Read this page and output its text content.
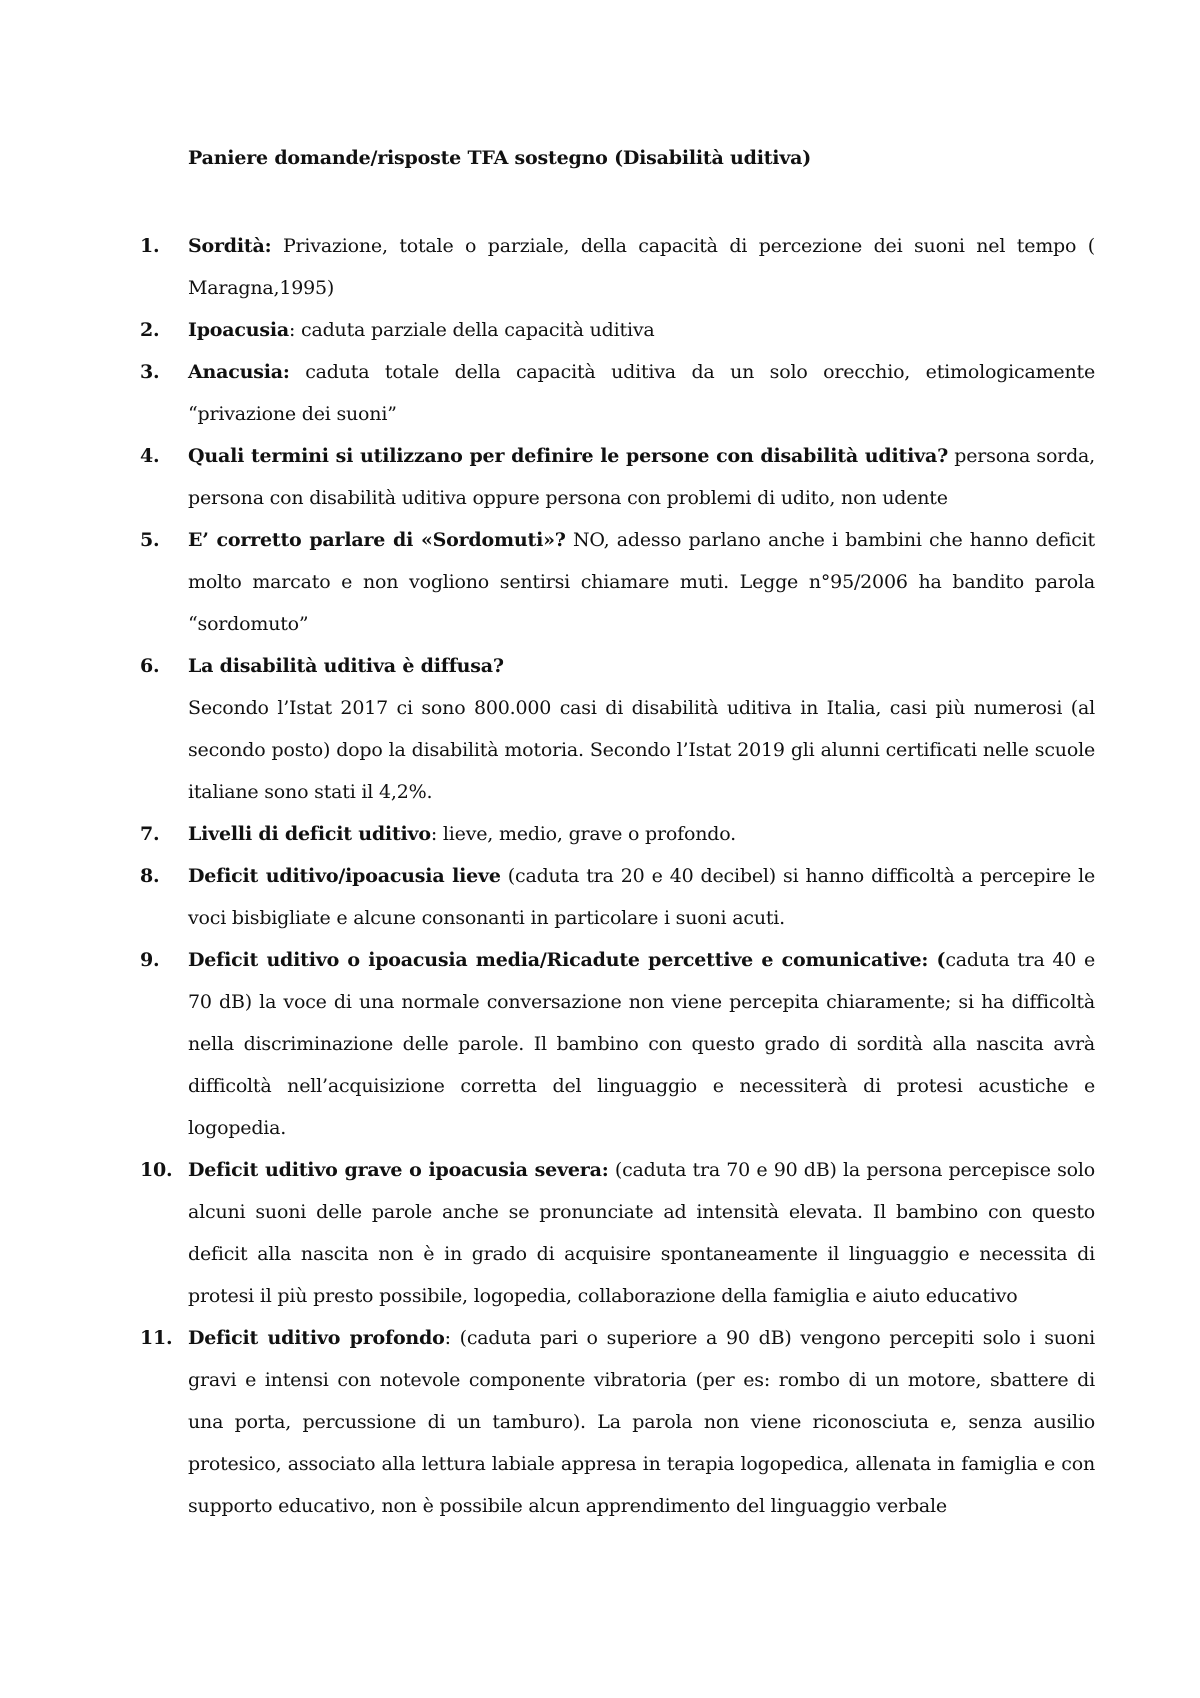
Paniere domande/risposte TFA sostegno (Disabilità uditiva)
1.	Sordità: Privazione, totale o parziale, della capacità di percezione dei suoni nel tempo ( Maragna,1995)
2.	Ipoacusia: caduta parziale della capacità uditiva
3.	Anacusia: caduta totale della capacità uditiva da un solo orecchio, etimologicamente “privazione dei suoni”
4.	Quali termini si utilizzano per definire le persone con disabilità uditiva? persona sorda, persona con disabilità uditiva oppure persona con problemi di udito, non udente
5.	E’ corretto parlare di «Sordomuti»? NO, adesso parlano anche i bambini che hanno deficit molto marcato e non vogliono sentirsi chiamare muti. Legge n°95/2006 ha bandito parola “sordomuto”
6.	La disabilità uditiva è diffusa?
Secondo l’Istat 2017 ci sono 800.000 casi di disabilità uditiva in Italia, casi più numerosi (al secondo posto) dopo la disabilità motoria. Secondo l’Istat 2019 gli alunni certificati nelle scuole italiane sono stati il 4,2%.
7.	Livelli di deficit uditivo: lieve, medio, grave o profondo.
8.	Deficit uditivo/ipoacusia lieve (caduta tra 20 e 40 decibel) si hanno difficoltà a percepire le voci bisbigliate e alcune consonanti in particolare i suoni acuti.
9.	Deficit uditivo o ipoacusia media/Ricadute percettive e comunicative: (caduta tra 40 e 70 dB) la voce di una normale conversazione non viene percepita chiaramente; si ha difficoltà nella discriminazione delle parole. Il bambino con questo grado di sordità alla nascita avrà difficoltà nell’acquisizione corretta del linguaggio e necessiterà di protesi acustiche e logopedia.
10. Deficit uditivo grave o ipoacusia severa: (caduta tra 70 e 90 dB) la persona percepisce solo alcuni suoni delle parole anche se pronunciate ad intensità elevata. Il bambino con questo deficit alla nascita non è in grado di acquisire spontaneamente il linguaggio e necessita di protesi il più presto possibile, logopedia, collaborazione della famiglia e aiuto educativo
11. Deficit uditivo profondo: (caduta pari o superiore a 90 dB) vengono percepiti solo i suoni gravi e intensi con notevole componente vibratoria (per es: rombo di un motore, sbattere di una porta, percussione di un tamburo). La parola non viene riconosciuta e, senza ausilio protesico, associato alla lettura labiale appresa in terapia logopedica, allenata in famiglia e con supporto educativo, non è possibile alcun apprendimento del linguaggio verbale
